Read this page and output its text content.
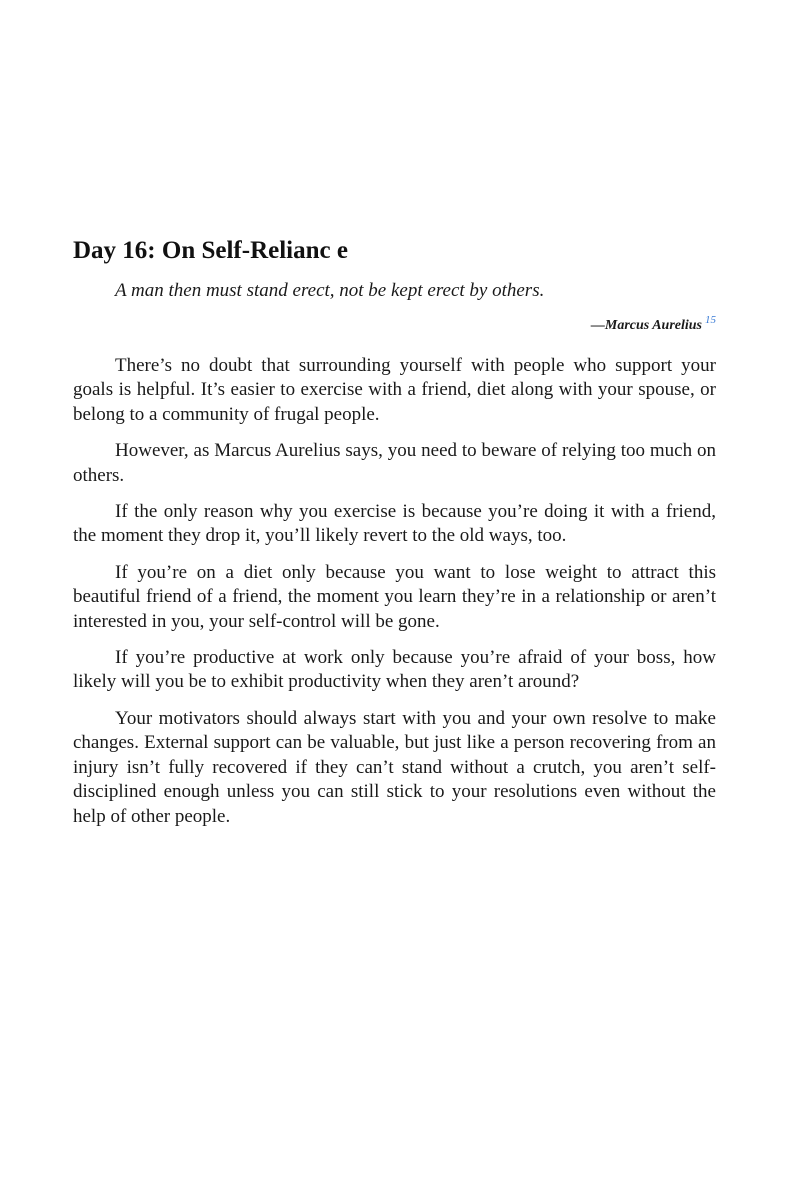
Day 16: On Self-Relianc e

A man then must stand erect, not be kept erect by others.

—Marcus Aurelius $^{15}$

There’s no doubt that surrounding yourself with people who support your goals is helpful. It’s easier to exercise with a friend, diet along with your spouse, or belong to a community of frugal people.

However, as Marcus Aurelius says, you need to beware of relying too much on others.

If the only reason why you exercise is because you’re doing it with a friend, the moment they drop it, you’ll likely revert to the old ways, too.

If you’re on a diet only because you want to lose weight to attract this beautiful friend of a friend, the moment you learn they’re in a relationship or aren’t interested in you, your self-control will be gone.

If you’re productive at work only because you’re afraid of your boss, how likely will you be to exhibit productivity when they aren’t around?

Your motivators should always start with you and your own resolve to make changes. External support can be valuable, but just like a person recovering from an injury isn’t fully recovered if they can’t stand without a crutch, you aren’t self-disciplined enough unless you can still stick to your resolutions even without the help of other people.
